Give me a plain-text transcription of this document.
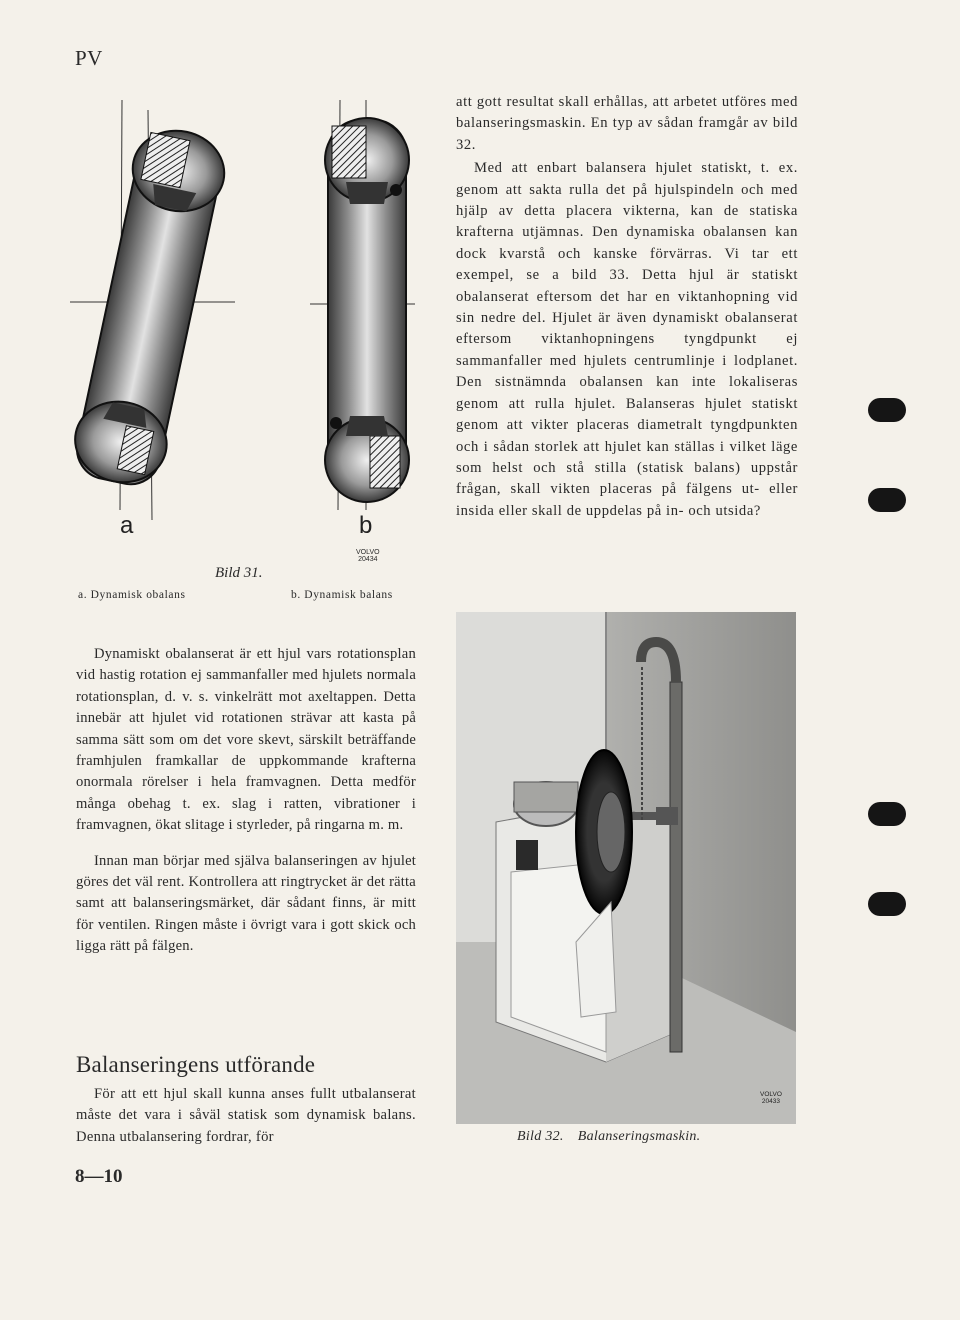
PV
a	b
VOLVO
20434
Bild 31.
a. Dynamisk obalans	b. Dynamisk balans

att gott resultat skall erhållas, att arbetet utföres med balanseringsmaskin. En typ av sådan framgår av bild 32.

Med att enbart balansera hjulet statiskt, t. ex. genom att sakta rulla det på hjulspindeln och med hjälp av detta placera vikterna, kan de statiska krafterna utjämnas. Den dynamiska obalansen kan dock kvarstå och kanske förvärras. Vi tar ett exempel, se a bild 33. Detta hjul är statiskt obalanserat eftersom det har en viktanhopning vid sin nedre del. Hjulet är även dynamiskt obalanserat eftersom viktanhopningens tyngdpunkt ej sammanfaller med hjulets centrumlinje i lodplanet. Den sistnämnda obalansen kan inte lokaliseras genom att rulla hjulet. Balanseras hjulet statiskt genom att vikter placeras diametralt tyngdpunkten och i sådan storlek att hjulet kan ställas i vilket läge som helst och stå stilla (statisk balans) uppstår frågan, skall vikten placeras på fälgens ut- eller insida eller skall de uppdelas på in- och utsida?

Dynamiskt obalanserat är ett hjul vars rotationsplan vid hastig rotation ej sammanfaller med hjulets normala rotationsplan, d. v. s. vinkelrätt mot axeltappen. Detta innebär att hjulet vid rotationen strävar att kasta på samma sätt som om det vore skevt, särskilt beträffande framhjulen framkallar de uppkommande krafterna onormala rörelser i hela framvagnen. Detta medför många obehag t. ex. slag i ratten, vibrationer i framvagnen, ökat slitage i styrleder, på ringarna m. m.

Innan man börjar med själva balanseringen av hjulet göres det väl rent. Kontrollera att ringtrycket är det rätta samt att balanseringsmärket, där sådant finns, är mitt för ventilen. Ringen måste i övrigt vara i gott skick och ligga rätt på fälgen.

Balanseringens utförande

För att ett hjul skall kunna anses fullt utbalanserat måste det vara i såväl statisk som dynamisk balans. Denna utbalansering fordrar, för

VOLVO
20433
Bild 32. Balanseringsmaskin.
8—10
